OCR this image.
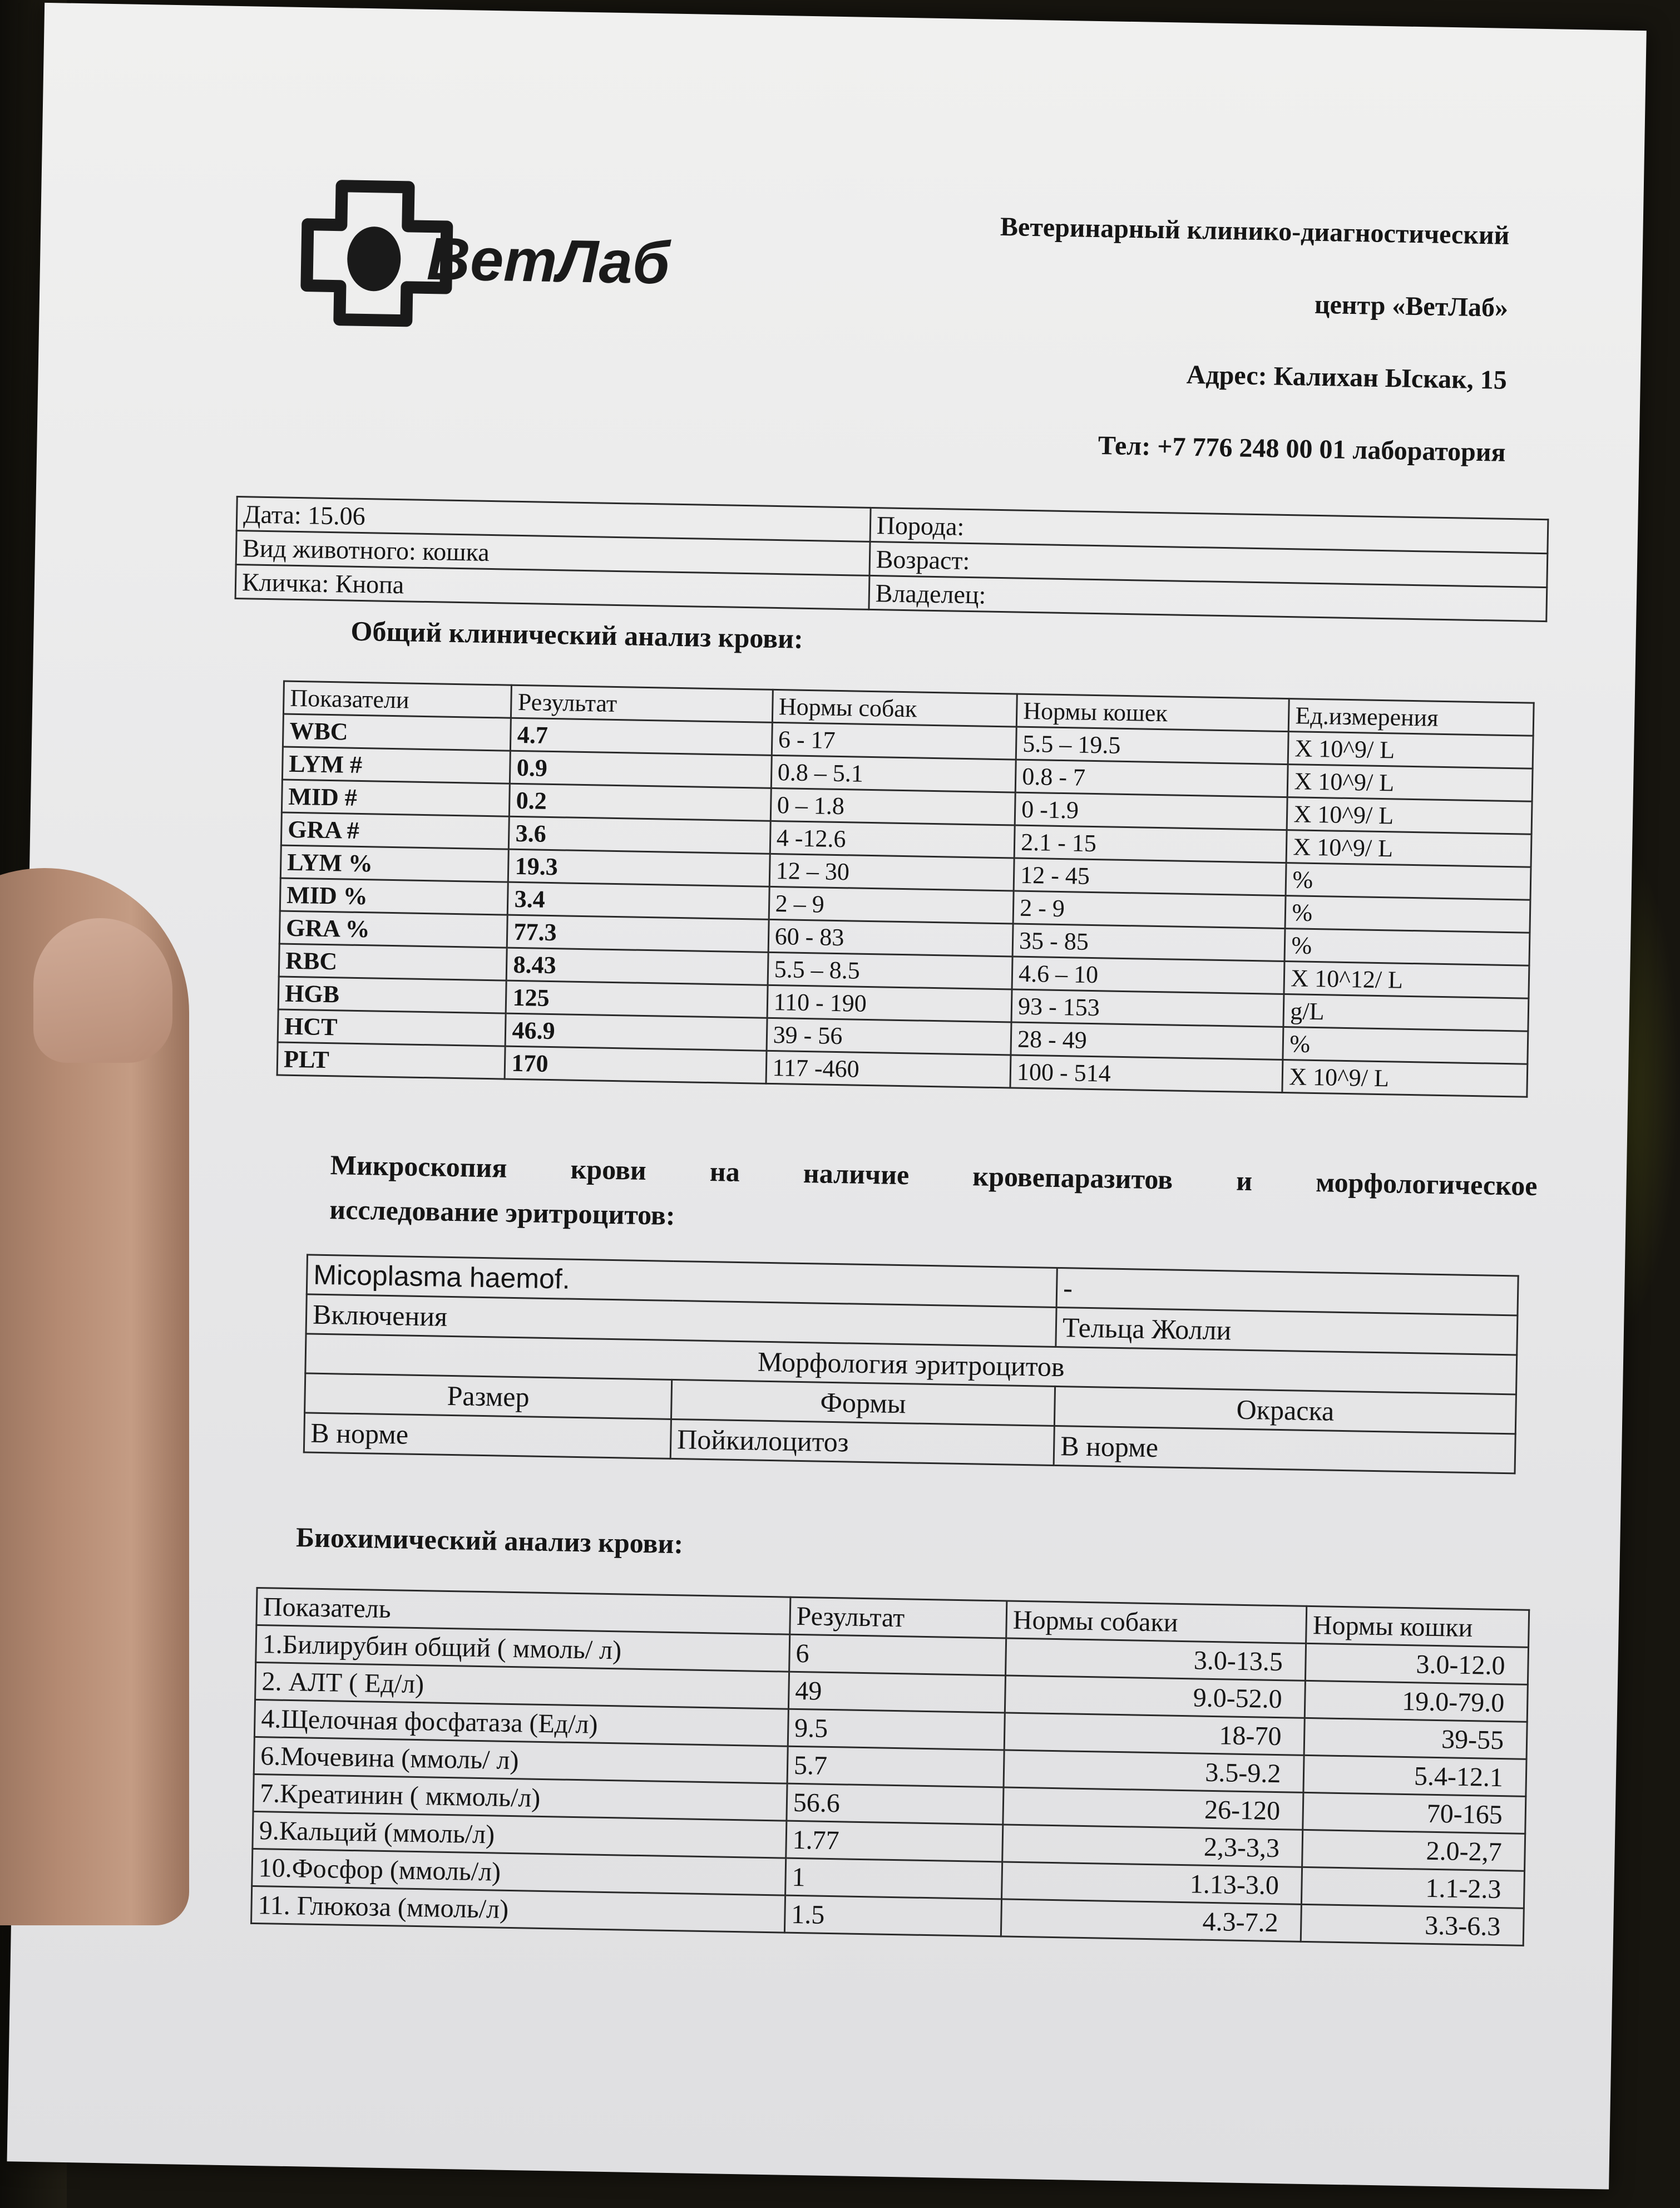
ВетЛаб	Ветеринарный клинико-диагностический
центр «ВетЛаб»
Адрес: Калихан Ыскак, 15
Тел: +7 776 248 00 01 лаборатория
Дата: 15.06	Порода:
Вид животного: кошка	Возраст:
Кличка: Кнопа	Владелец:
Общий клинический анализ крови:
Показатели	Результат	Нормы собак	Нормы кошек	Ед.измерения
WBC	4.7	6 - 17	5.5 – 19.5	X 10^9/ L
LYM #	0.9	0.8 – 5.1	0.8 - 7	X 10^9/ L
MID #	0.2	0 – 1.8	0 -1.9	X 10^9/ L
GRA #	3.6	4 -12.6	2.1 - 15	X 10^9/ L
LYM %	19.3	12 – 30	12 - 45	%
MID %	3.4	2 – 9	2 - 9	%
GRA %	77.3	60 - 83	35 - 85	%
RBC	8.43	5.5 – 8.5	4.6 – 10	X 10^12/ L
HGB	125	110 - 190	93 - 153	g/L
HCT	46.9	39 - 56	28 - 49	%
PLT	170	117 -460	100 - 514	X 10^9/ L
Микроскопия крови на наличие кровепаразитов и морфологическое
исследование эритроцитов:
Micoplasma haemof.		-
Включения		Тельца Жолли
Морфология эритроцитов		
Размер	Формы	Окраска
В норме	Пойкилоцитоз	В норме
Биохимический анализ крови:
Показатель	Результат	Нормы собаки	Нормы кошки
1.Билирубин общий ( ммоль/ л)	6	3.0-13.5	3.0-12.0
2. АЛТ ( Ед/л)	49	9.0-52.0	19.0-79.0
4.Щелочная фосфатаза (Ед/л)	9.5	18-70	39-55
6.Мочевина (ммоль/ л)	5.7	3.5-9.2	5.4-12.1
7.Креатинин ( мкмоль/л)	56.6	26-120	70-165
9.Кальций (ммоль/л)	1.77	2,3-3,3	2.0-2,7
10.Фосфор (ммоль/л)	1	1.13-3.0	1.1-2.3
11. Глюкоза (ммоль/л)	1.5	4.3-7.2	3.3-6.3
